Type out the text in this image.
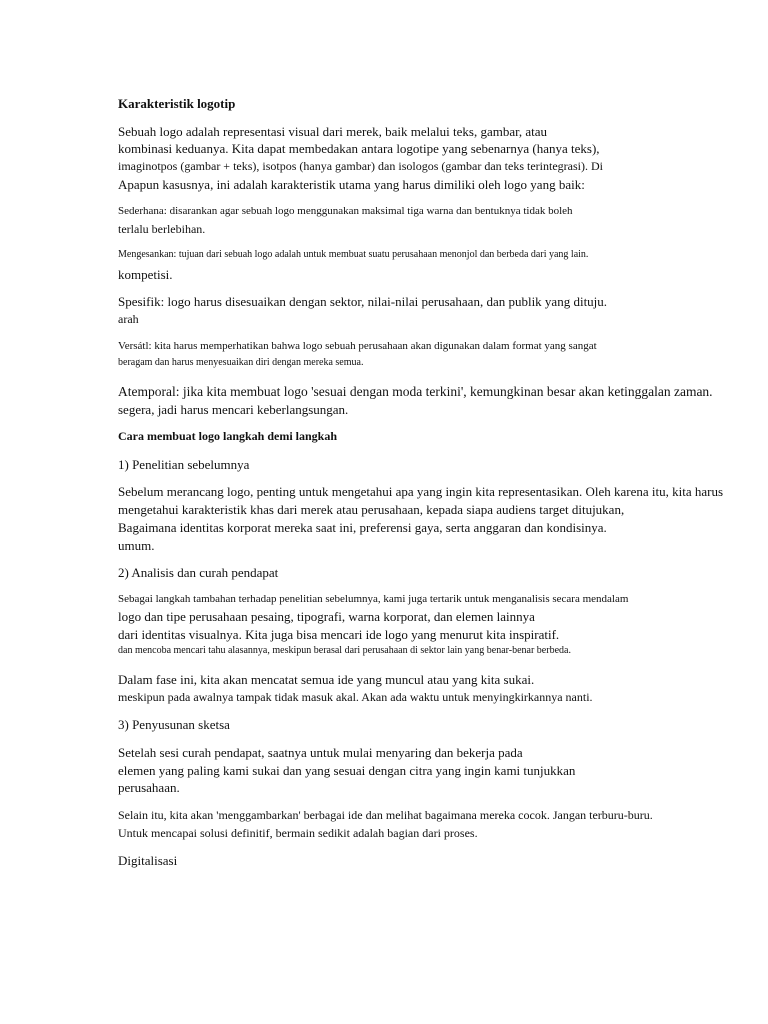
Karakteristik logotip
Sebuah logo adalah representasi visual dari merek, baik melalui teks, gambar, atau
kombinasi keduanya. Kita dapat membedakan antara logotipe yang sebenarnya (hanya teks),
imaginotpos (gambar + teks), isotpos (hanya gambar) dan isologos (gambar dan teks terintegrasi). Di
Apapun kasusnya, ini adalah karakteristik utama yang harus dimiliki oleh logo yang baik:
Sederhana: disarankan agar sebuah logo menggunakan maksimal tiga warna dan bentuknya tidak boleh
terlalu berlebihan.
Mengesankan: tujuan dari sebuah logo adalah untuk membuat suatu perusahaan menonjol dan berbeda dari yang lain.
kompetisi.
Spesifik: logo harus disesuaikan dengan sektor, nilai-nilai perusahaan, dan publik yang dituju.
arah
Versátl: kita harus memperhatikan bahwa logo sebuah perusahaan akan digunakan dalam format yang sangat
beragam dan harus menyesuaikan diri dengan mereka semua.
Atemporal: jika kita membuat logo 'sesuai dengan moda terkini', kemungkinan besar akan ketinggalan zaman.
segera, jadi harus mencari keberlangsungan.
Cara membuat logo langkah demi langkah
1) Penelitian sebelumnya
Sebelum merancang logo, penting untuk mengetahui apa yang ingin kita representasikan. Oleh karena itu, kita harus
mengetahui karakteristik khas dari merek atau perusahaan, kepada siapa audiens target ditujukan,
Bagaimana identitas korporat mereka saat ini, preferensi gaya, serta anggaran dan kondisinya.
umum.
2) Analisis dan curah pendapat
Sebagai langkah tambahan terhadap penelitian sebelumnya, kami juga tertarik untuk menganalisis secara mendalam
logo dan tipe perusahaan pesaing, tipografi, warna korporat, dan elemen lainnya
dari identitas visualnya. Kita juga bisa mencari ide logo yang menurut kita inspiratif.
dan mencoba mencari tahu alasannya, meskipun berasal dari perusahaan di sektor lain yang benar-benar berbeda.
Dalam fase ini, kita akan mencatat semua ide yang muncul atau yang kita sukai.
meskipun pada awalnya tampak tidak masuk akal. Akan ada waktu untuk menyingkirkannya nanti.
3) Penyusunan sketsa
Setelah sesi curah pendapat, saatnya untuk mulai menyaring dan bekerja pada
elemen yang paling kami sukai dan yang sesuai dengan citra yang ingin kami tunjukkan
perusahaan.
Selain itu, kita akan 'menggambarkan' berbagai ide dan melihat bagaimana mereka cocok. Jangan terburu-buru.
Untuk mencapai solusi definitif, bermain sedikit adalah bagian dari proses.
Digitalisasi
